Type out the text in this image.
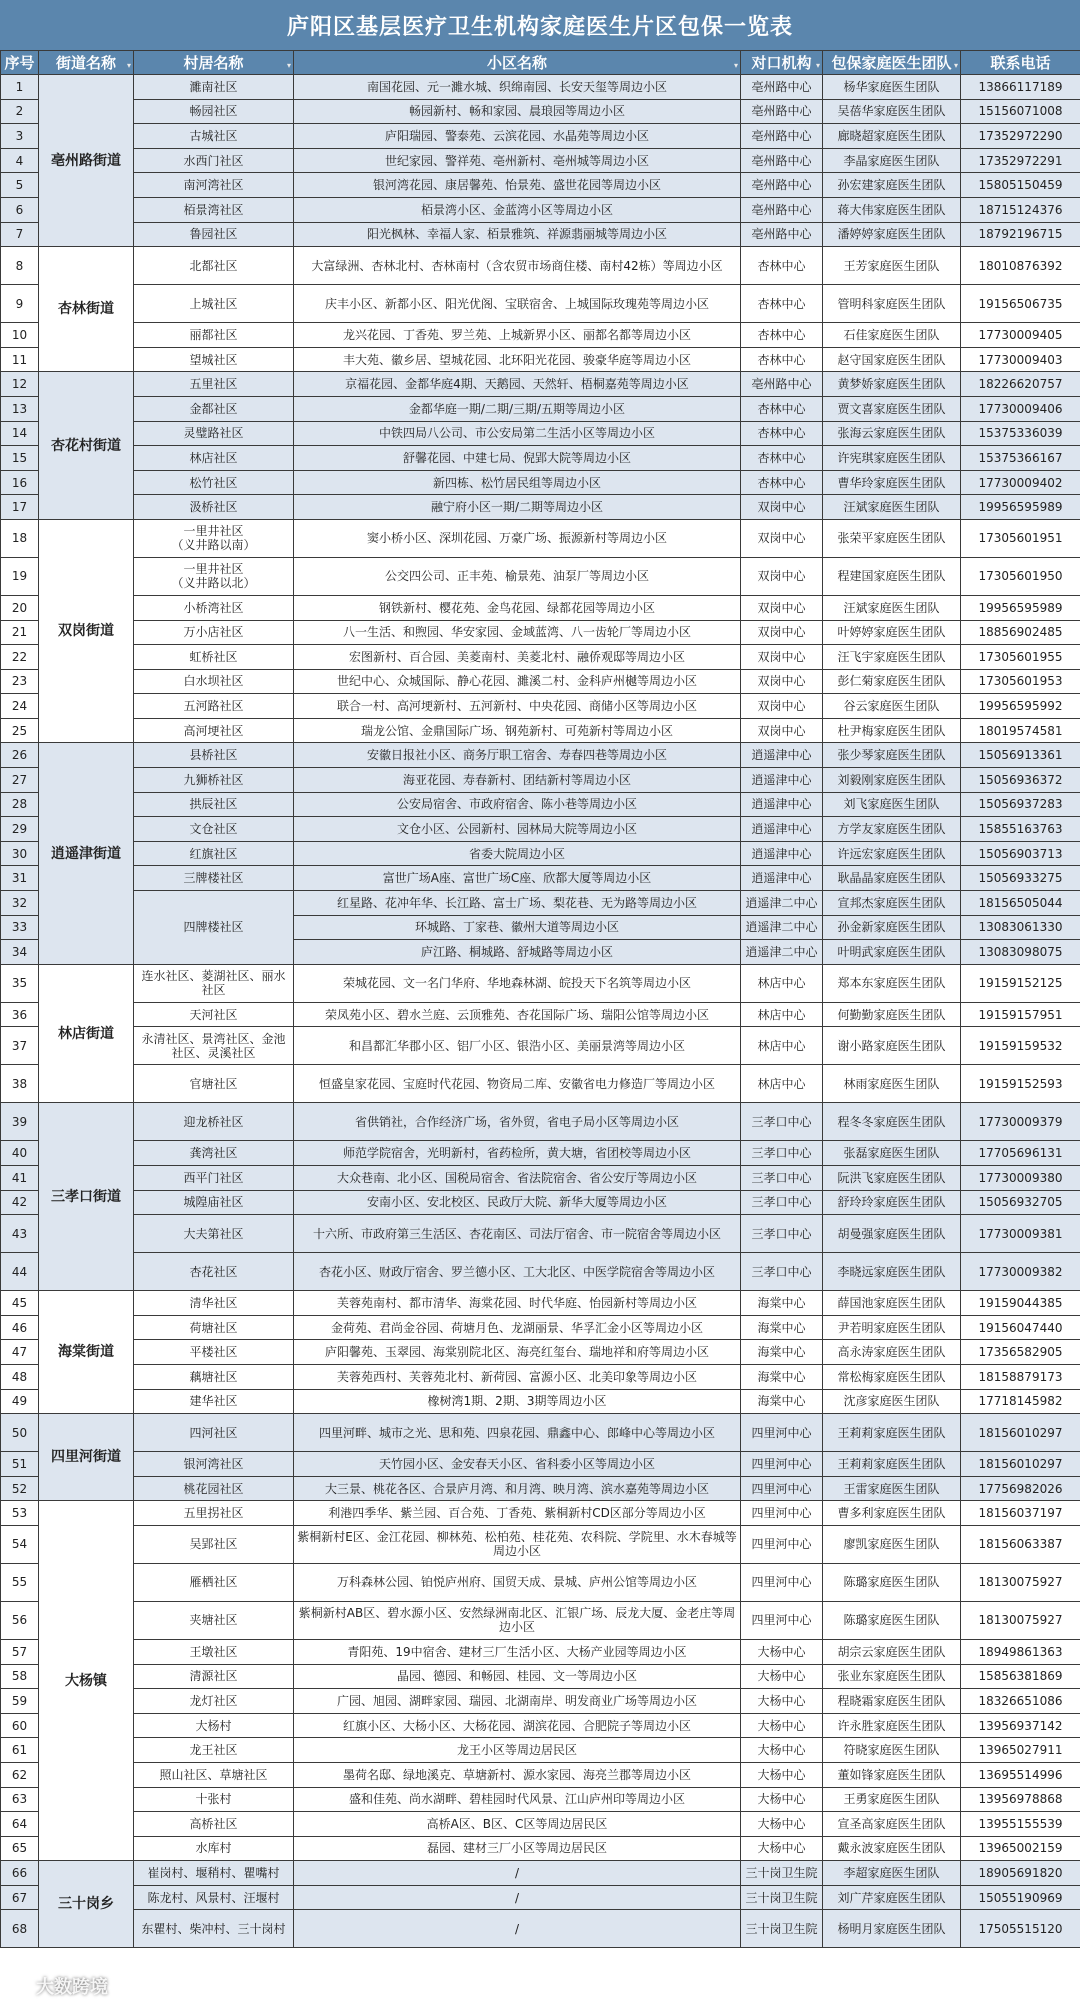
庐阳区基层医疗卫生机构家庭医生片区包保一览表
序号	街道名称 ▾	村居名称 ▾	小区名称 ▾	对口机构 ▾	包保家庭医生团队 ▾	联系电话
1	亳州路街道	濉南社区	南国花园、元一濉水城、织绵南园、长安天玺等周边小区	亳州路中心	杨华家庭医生团队	13866117189
2		畅园社区	畅园新村、畅和家园、晨琅园等周边小区	亳州路中心	吴蓓华家庭医生团队	15156071008
3		古城社区	庐阳瑞园、警泰苑、云滨花园、水晶苑等周边小区	亳州路中心	廊晓超家庭医生团队	17352972290
4		水西门社区	世纪家园、警祥苑、亳州新村、亳州城等周边小区	亳州路中心	李晶家庭医生团队	17352972291
5		南河湾社区	银河湾花园、康居馨苑、怡景苑、盛世花园等周边小区	亳州路中心	孙宏建家庭医生团队	15805150459
6		栢景湾社区	栢景湾小区、金蓝湾小区等周边小区	亳州路中心	蒋大伟家庭医生团队	18715124376
7		鲁园社区	阳光枫林、幸福人家、栢景雅筑、祥源翡丽城等周边小区	亳州路中心	潘婷婷家庭医生团队	18792196715
8	杏林街道	北都社区	大富绿洲、杏林北村、杏林南村（含农贸市场商住楼、南村42栋）等周边小区	杏林中心	王芳家庭医生团队	18010876392
9		上城社区	庆丰小区、新都小区、阳光优阁、宝联宿舍、上城国际玫瑰苑等周边小区	杏林中心	管明科家庭医生团队	19156506735
10		丽都社区	龙兴花园、丁香苑、罗兰苑、上城新界小区、丽都名都等周边小区	杏林中心	石佳家庭医生团队	17730009405
11		望城社区	丰大苑、徽乡居、望城花园、北环阳光花园、骏豪华庭等周边小区	杏林中心	赵守国家庭医生团队	17730009403
12	杏花村街道	五里社区	京福花园、金都华庭4期、天鹅园、天然轩、梧桐嘉苑等周边小区	亳州路中心	黄梦娇家庭医生团队	18226620757
13		金都社区	金都华庭一期/二期/三期/五期等周边小区	杏林中心	贾文喜家庭医生团队	17730009406
14		灵璧路社区	中铁四局八公司、市公安局第二生活小区等周边小区	杏林中心	张海云家庭医生团队	15375336039
15		林店社区	舒馨花园、中建七局、倪郢大院等周边小区	杏林中心	许宪琪家庭医生团队	15375366167
16		松竹社区	新四栋、松竹居民组等周边小区	杏林中心	曹华玲家庭医生团队	17730009402
17		汲桥社区	融宁府小区一期/二期等周边小区	双岗中心	汪斌家庭医生团队	19956595989
18	双岗街道	一里井社区
（义井路以南）	窦小桥小区、深圳花园、万豪广场、振源新村等周边小区	双岗中心	张荣平家庭医生团队	17305601951
19		一里井社区
（义井路以北）	公交四公司、正丰苑、榆景苑、油泵厂等周边小区	双岗中心	程建国家庭医生团队	17305601950
20		小桥湾社区	钢铁新村、樱花苑、金鸟花园、绿都花园等周边小区	双岗中心	汪斌家庭医生团队	19956595989
21		万小店社区	八一生活、和煦园、华安家园、金域蓝湾、八一齿轮厂等周边小区	双岗中心	叶婷婷家庭医生团队	18856902485
22		虹桥社区	宏图新村、百合园、美菱南村、美菱北村、融侨观邸等周边小区	双岗中心	汪飞宇家庭医生团队	17305601955
23		白水坝社区	世纪中心、众城国际、静心花园、濉溪二村、金科庐州樾等周边小区	双岗中心	彭仁菊家庭医生团队	17305601953
24		五河路社区	联合一村、高河埂新村、五河新村、中央花园、商储小区等周边小区	双岗中心	谷云家庭医生团队	19956595992
25		高河埂社区	瑞龙公馆、金鼎国际广场、钢苑新村、可苑新村等周边小区	双岗中心	杜尹梅家庭医生团队	18019574581
26	逍遥津街道	县桥社区	安徽日报社小区、商务厅职工宿舍、寿春四巷等周边小区	逍遥津中心	张少琴家庭医生团队	15056913361
27		九狮桥社区	海亚花园、寿春新村、团结新村等周边小区	逍遥津中心	刘毅刚家庭医生团队	15056936372
28		拱辰社区	公安局宿舍、市政府宿舍、陈小巷等周边小区	逍遥津中心	刘飞家庭医生团队	15056937283
29		文仓社区	文仓小区、公园新村、园林局大院等周边小区	逍遥津中心	方学友家庭医生团队	15855163763
30		红旗社区	省委大院周边小区	逍遥津中心	许远宏家庭医生团队	15056903713
31		三牌楼社区	富世广场A座、富世广场C座、欣都大厦等周边小区	逍遥津中心	耿晶晶家庭医生团队	15056933275
32		四牌楼社区	红星路、花冲年华、长江路、富士广场、梨花巷、无为路等周边小区	逍遥津二中心	宣邦杰家庭医生团队	18156505044
33			环城路、丁家巷、徽州大道等周边小区	逍遥津二中心	孙金新家庭医生团队	13083061330
34			庐江路、桐城路、舒城路等周边小区	逍遥津二中心	叶明武家庭医生团队	13083098075
35	林店街道	连水社区、菱湖社区、丽水社区	荣城花园、文一名门华府、华地森林湖、皖投天下名筑等周边小区	林店中心	郑本东家庭医生团队	19159152125
36		天河社区	荣凤苑小区、碧水兰庭、云顶雅苑、杏花国际广场、瑞阳公馆等周边小区	林店中心	何勤勤家庭医生团队	19159157951
37		永清社区、景湾社区、金池社区、灵溪社区	和昌都汇华郡小区、铝厂小区、银浩小区、美丽景湾等周边小区	林店中心	谢小路家庭医生团队	19159159532
38		官塘社区	恒盛皇家花园、宝庭时代花园、物资局二库、安徽省电力修造厂等周边小区	林店中心	林雨家庭医生团队	19159152593
39	三孝口街道	迎龙桥社区	省供销社，合作经济广场，省外贸，省电子局小区等周边小区	三孝口中心	程冬冬家庭医生团队	17730009379
40		龚湾社区	师范学院宿舍，光明新村，省药检所，黄大塘，省团校等周边小区	三孝口中心	张磊家庭医生团队	17705696131
41		西平门社区	大众巷南、北小区、国税局宿舍、省法院宿舍、省公安厅等周边小区	三孝口中心	阮洪飞家庭医生团队	17730009380
42		城隍庙社区	安南小区、安北校区、民政厅大院、新华大厦等周边小区	三孝口中心	舒玲玲家庭医生团队	15056932705
43		大夫第社区	十六所、市政府第三生活区、杏花南区、司法厅宿舍、市一院宿舍等周边小区	三孝口中心	胡曼强家庭医生团队	17730009381
44		杏花社区	杏花小区、财政厅宿舍、罗兰德小区、工大北区、中医学院宿舍等周边小区	三孝口中心	李晓远家庭医生团队	17730009382
45	海棠街道	清华社区	芙蓉苑南村、都市清华、海棠花园、时代华庭、怡园新村等周边小区	海棠中心	薛国池家庭医生团队	19159044385
46		荷塘社区	金荷苑、君尚金谷园、荷塘月色、龙湖丽景、华孚汇金小区等周边小区	海棠中心	尹若明家庭医生团队	19156047440
47		平楼社区	庐阳馨苑、玉翠园、海棠别院北区、海亮红玺台、瑞地祥和府等周边小区	海棠中心	高永涛家庭医生团队	17356582905
48		藕塘社区	芙蓉苑西村、芙蓉苑北村、新荷园、富源小区、北美印象等周边小区	海棠中心	常松梅家庭医生团队	18158879173
49		建华社区	橡树湾1期、2期、3期等周边小区	海棠中心	沈彦家庭医生团队	17718145982
50	四里河街道	四河社区	四里河畔、城市之光、思和苑、四泉花园、鼎鑫中心、郎峰中心等周边小区	四里河中心	王莉莉家庭医生团队	18156010297
51		银河湾社区	天竹园小区、金安春天小区、省科委小区等周边小区	四里河中心	王莉莉家庭医生团队	18156010297
52		桃花园社区	大三景、桃花各区、合景庐月湾、和月湾、映月湾、滨水嘉苑等周边小区	四里河中心	王雷家庭医生团队	17756982026
53	大杨镇	五里拐社区	利港四季华、紫兰园、百合苑、丁香苑、紫桐新村CD区部分等周边小区	四里河中心	曹多利家庭医生团队	18156037197
54		吴郢社区	紫桐新村E区、金江花园、柳林苑、松柏苑、桂花苑、农科院、学院里、水木春城等周边小区	四里河中心	廖凯家庭医生团队	18156063387
55		雁栖社区	万科森林公园、铂悦庐州府、国贸天成、景城、庐州公馆等周边小区	四里河中心	陈璐家庭医生团队	18130075927
56		夹塘社区	紫桐新村AB区、碧水源小区、安然绿洲南北区、汇银广场、辰龙大厦、金老庄等周边小区	四里河中心	陈璐家庭医生团队	18130075927
57		王墩社区	青阳苑、19中宿舍、建材三厂生活小区、大杨产业园等周边小区	大杨中心	胡宗云家庭医生团队	18949861363
58		清源社区	晶园、德园、和畅园、桂园、文一等周边小区	大杨中心	张业东家庭医生团队	15856381869
59		龙灯社区	广园、旭园、湖畔家园、瑞园、北湖南岸、明发商业广场等周边小区	大杨中心	程晓霜家庭医生团队	18326651086
60		大杨村	红旗小区、大杨小区、大杨花园、湖滨花园、合肥院子等周边小区	大杨中心	许永胜家庭医生团队	13956937142
61		龙王社区	龙王小区等周边居民区	大杨中心	符晓家庭医生团队	13965027911
62		照山社区、草塘社区	墨荷名邸、绿地溪克、草塘新村、源水家园、海亮兰郡等周边小区	大杨中心	董如锋家庭医生团队	13695514996
63		十张村	盛和佳苑、尚水湖畔、碧桂园时代风景、江山庐州印等周边小区	大杨中心	王勇家庭医生团队	13956978868
64		高桥社区	高桥A区、B区、C区等周边居民区	大杨中心	宣圣高家庭医生团队	13955155539
65		水库村	磊园、建材三厂小区等周边居民区	大杨中心	戴永波家庭医生团队	13965002159
66	三十岗乡	崔岗村、堰稍村、瞿嘴村	/	三十岗卫生院	李超家庭医生团队	18905691820
67		陈龙村、风景村、汪堰村	/	三十岗卫生院	刘广芹家庭医生团队	15055190969
68		东瞿村、柴冲村、三十岗村	/	三十岗卫生院	杨明月家庭医生团队	17505515120
大数跨境
